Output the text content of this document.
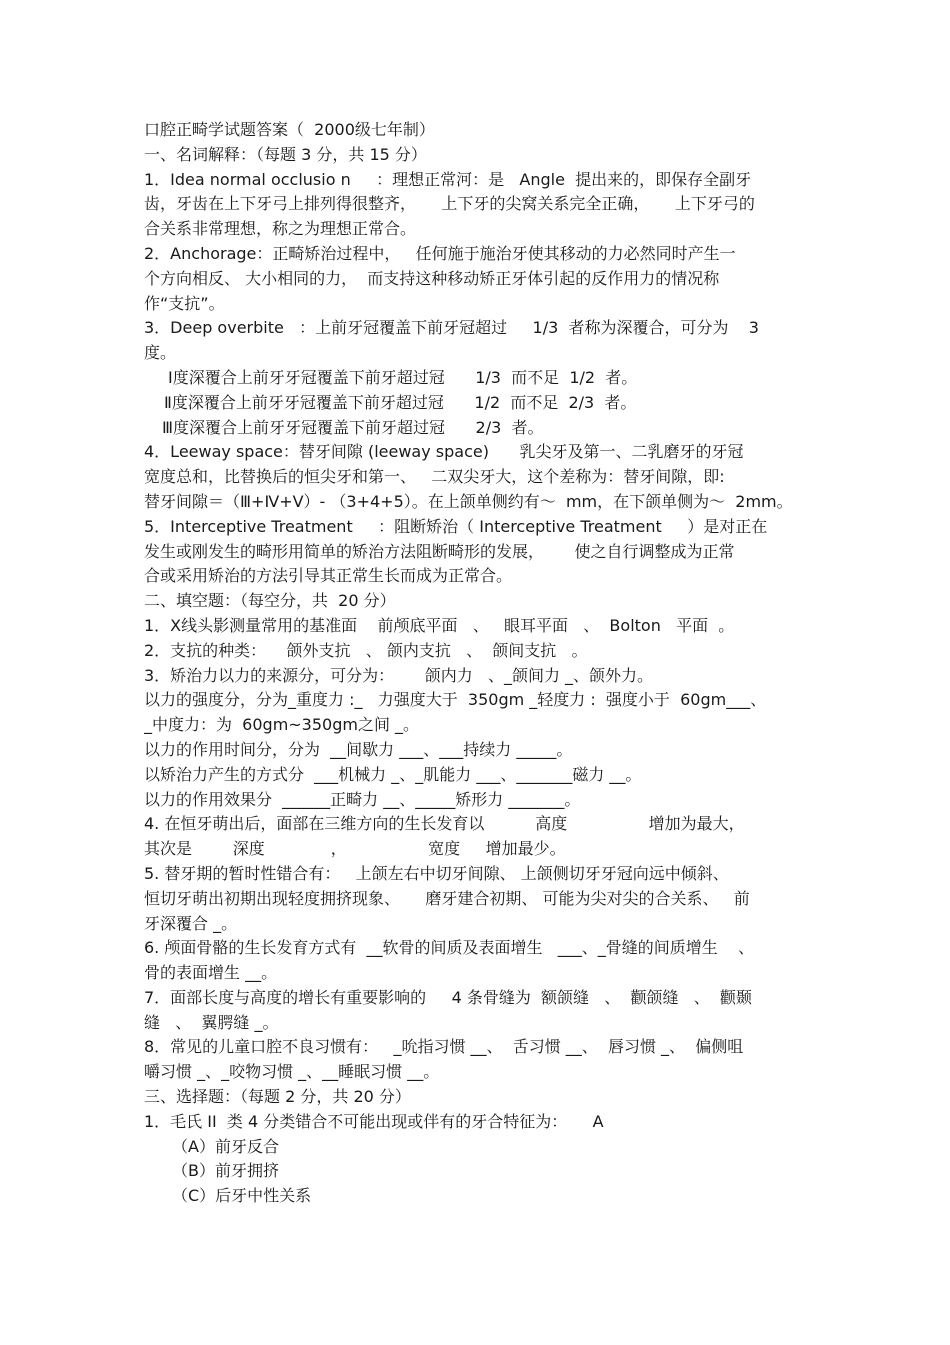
口腔正畸学试题答案（  2000级七年制）
一、名词解释：（每题 3 分，共 15 分）
1．Idea normal occlusio n     ：理想正常河：是   Angle  提出来的，即保存全副牙
齿，牙齿在上下牙弓上排列得很整齐，     上下牙的尖窝关系完全正确，     上下牙弓的
合关系非常理想，称之为理想正常合。
2．Anchorage：正畸矫治过程中，   任何施于施治牙使其移动的力必然同时产生一
个方向相反、 大小相同的力，  而支持这种移动矫正牙体引起的反作用力的情况称
作“支抗”。
3．Deep overbite   ：上前牙冠覆盖下前牙冠超过     1/3  者称为深覆合，可分为    3
度。
Ⅰ度深覆合上前牙牙冠覆盖下前牙超过冠      1/3  而不足  1/2  者。
Ⅱ度深覆合上前牙牙冠覆盖下前牙超过冠      1/2  而不足  2/3  者。
Ⅲ度深覆合上前牙牙冠覆盖下前牙超过冠      2/3  者。
4．Leeway space：替牙间隙 (leeway space)      乳尖牙及第一、二乳磨牙的牙冠
宽度总和，比替换后的恒尖牙和第一、   二双尖牙大，这个差称为：替牙间隙，即:
替牙间隙＝（Ⅲ+Ⅳ+Ⅴ）- （3+4+5）。在上颌单侧约有～  mm，在下颌单侧为～  2mm。
5．Interceptive Treatment     ：阻断矫治（ Interceptive Treatment     ）是对正在
发生或刚发生的畸形用简单的矫治方法阻断畸形的发展，      使之自行调整成为正常
合或采用矫治的方法引导其正常生长而成为正常合。
二、填空题：（每空分，共  20 分）
1．X线头影测量常用的基准面    前颅底平面   、   眼耳平面   、  Bolton   平面  。
2．支抗的种类：    颌外支抗   、 颌内支抗   、  颌间支抗   。
3．矫治力以力的来源分，可分为：      颌内力   、_颌间力 _、颌外力。
以力的强度分，分为_重度力 :_   力强度大于  350gm _轻度力 :  强度小于  60gm___、
_中度力：为  60gm~350gm之间 _。
以力的作用时间分，分为  __间歇力 ___、___持续力 _____。
以矫治力产生的方式分  ___机械力 _、_肌能力 ___、_______磁力 __。
以力的作用效果分  ______正畸力 __、_____矫形力 _______。
4. 在恒牙萌出后，面部在三维方向的生长发育以          高度                增加为最大，
其次是        深度             ，                宽度     增加最少。
5. 替牙期的暂时性错合有：   上颌左右中切牙间隙、 上颌侧切牙牙冠向远中倾斜、
恒切牙萌出初期出现轻度拥挤现象、     磨牙建合初期、 可能为尖对尖的合关系、   前
牙深覆合 _。
6. 颅面骨骼的生长发育方式有  __软骨的间质及表面增生   ___、_骨缝的间质增生    、
骨的表面增生 __。
7．面部长度与高度的增长有重要影响的     4 条骨缝为  额颌缝   、  颧颌缝   、  颧颞
缝   、  翼腭缝 _。
8．常见的儿童口腔不良习惯有：   _吮指习惯 __、  舌习惯 __、  唇习惯 _、  偏侧咀
嚼习惯 _、_咬物习惯 _、__睡眠习惯 __。
三、选择题：（每题 2 分，共 20 分）
1．毛氏 II  类 4 分类错合不可能出现或伴有的牙合特征为：     A
（A）前牙反合
（B）前牙拥挤
（C）后牙中性关系
